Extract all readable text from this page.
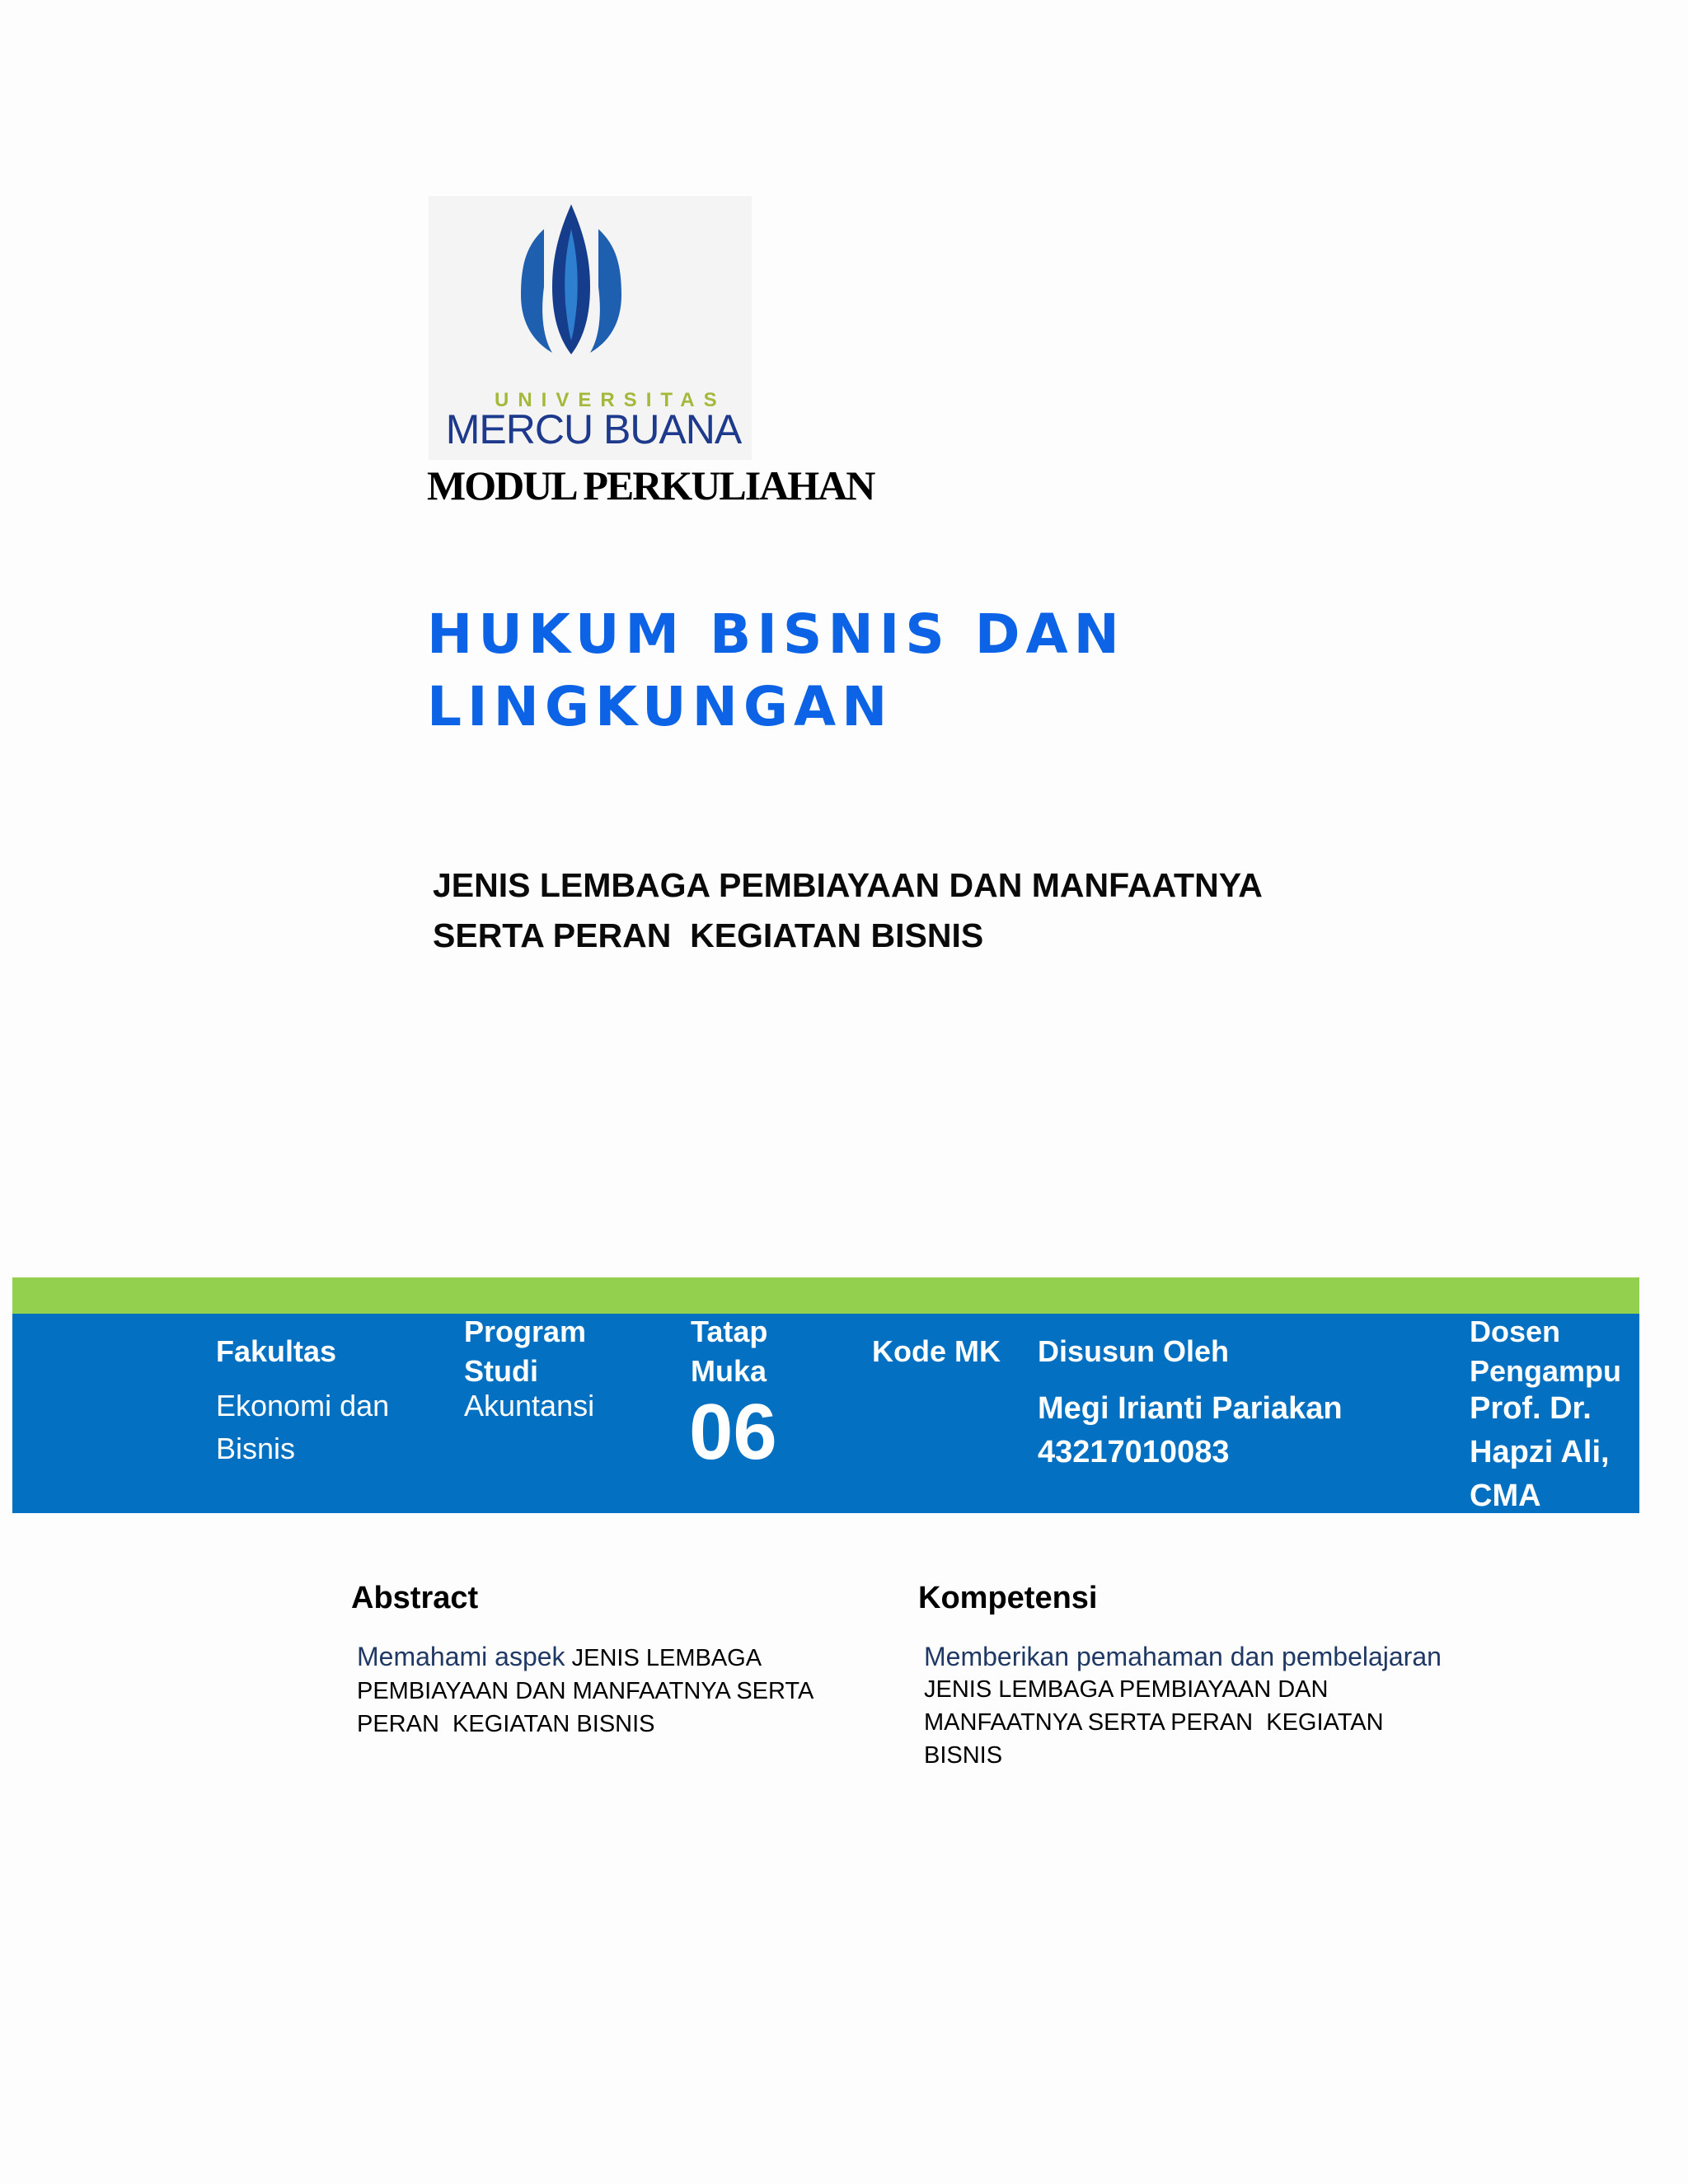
UNIVERSITAS
MERCU BUANA
MODUL PERKULIAHAN
HUKUM BISNIS DAN
LINGKUNGAN
JENIS LEMBAGA PEMBIAYAAN DAN MANFAATNYA
SERTA PERAN  KEGIATAN BISNIS
Fakultas
Ekonomi dan
Bisnis
Program
Studi
Akuntansi
Tatap
Muka
06
Kode MK Disusun Oleh
Megi Irianti Pariakan
43217010083
Dosen
Pengampu
Prof. Dr.
Hapzi Ali,
CMA
Abstract
Memahami aspek JENIS LEMBAGA
PEMBIAYAAN DAN MANFAATNYA SERTA
PERAN  KEGIATAN BISNIS
Kompetensi
Memberikan pemahaman dan pembelajaran
JENIS LEMBAGA PEMBIAYAAN DAN
MANFAATNYA SERTA PERAN  KEGIATAN
BISNIS
